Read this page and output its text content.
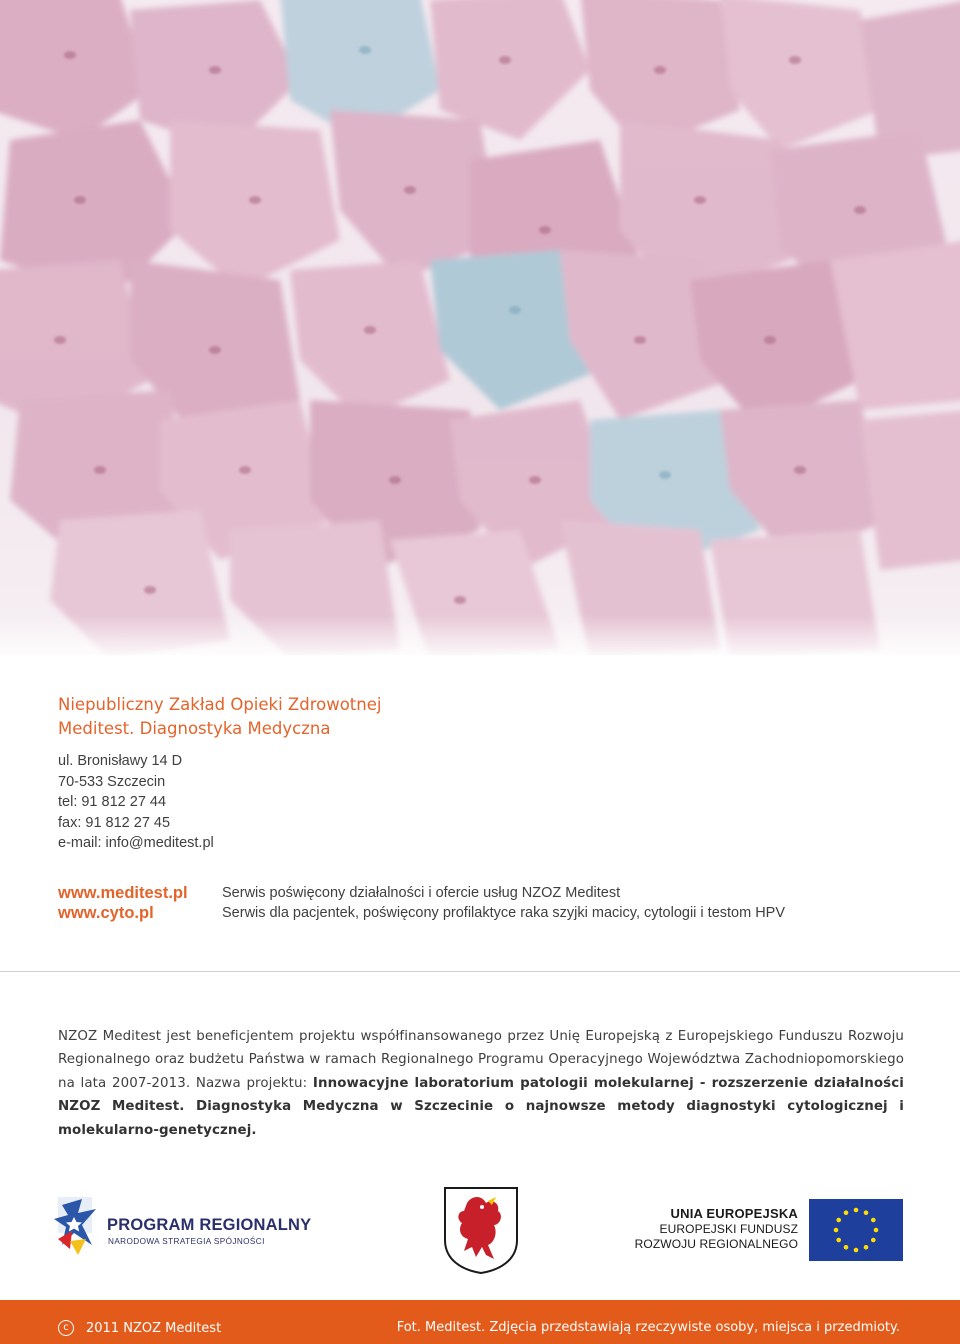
Niepubliczny Zakład Opieki Zdrowotnej
Meditest. Diagnostyka Medyczna
ul. Bronisławy 14 D
70-533 Szczecin
tel: 91 812 27 44
fax: 91 812 27 45
e-mail: info@meditest.pl
www.meditest.pl Serwis poświęcony działalności i ofercie usług NZOZ Meditest
www.cyto.pl	Serwis dla pacjentek, poświęcony profilaktyce raka szyjki macicy, cytologii i testom HPV
NZOZ Meditest jest beneficjentem projektu współfinansowanego przez Unię Europejską z Europejskiego Funduszu Rozwoju Regionalnego oraz budżetu Państwa w ramach Regionalnego Programu Operacyjnego Województwa Zachodniopomorskiego na lata 2007-2013. Nazwa projektu: Innowacyjne laboratorium patologii molekularnej - rozszerzenie działalności NZOZ Meditest. Diagnostyka Medyczna w Szczecinie o najnowsze metody diagnostyki cytologicznej i molekularno-genetycznej.
PROGRAM REGIONALNY
NARODOWA STRATEGIA SPÓJNOŚCI
UNIA EUROPEJSKA
EUROPEJSKI FUNDUSZ
ROZWOJU REGIONALNEGO
c	2011 NZOZ Meditest	Fot. Meditest. Zdjęcia przedstawiają rzeczywiste osoby, miejsca i przedmioty.
